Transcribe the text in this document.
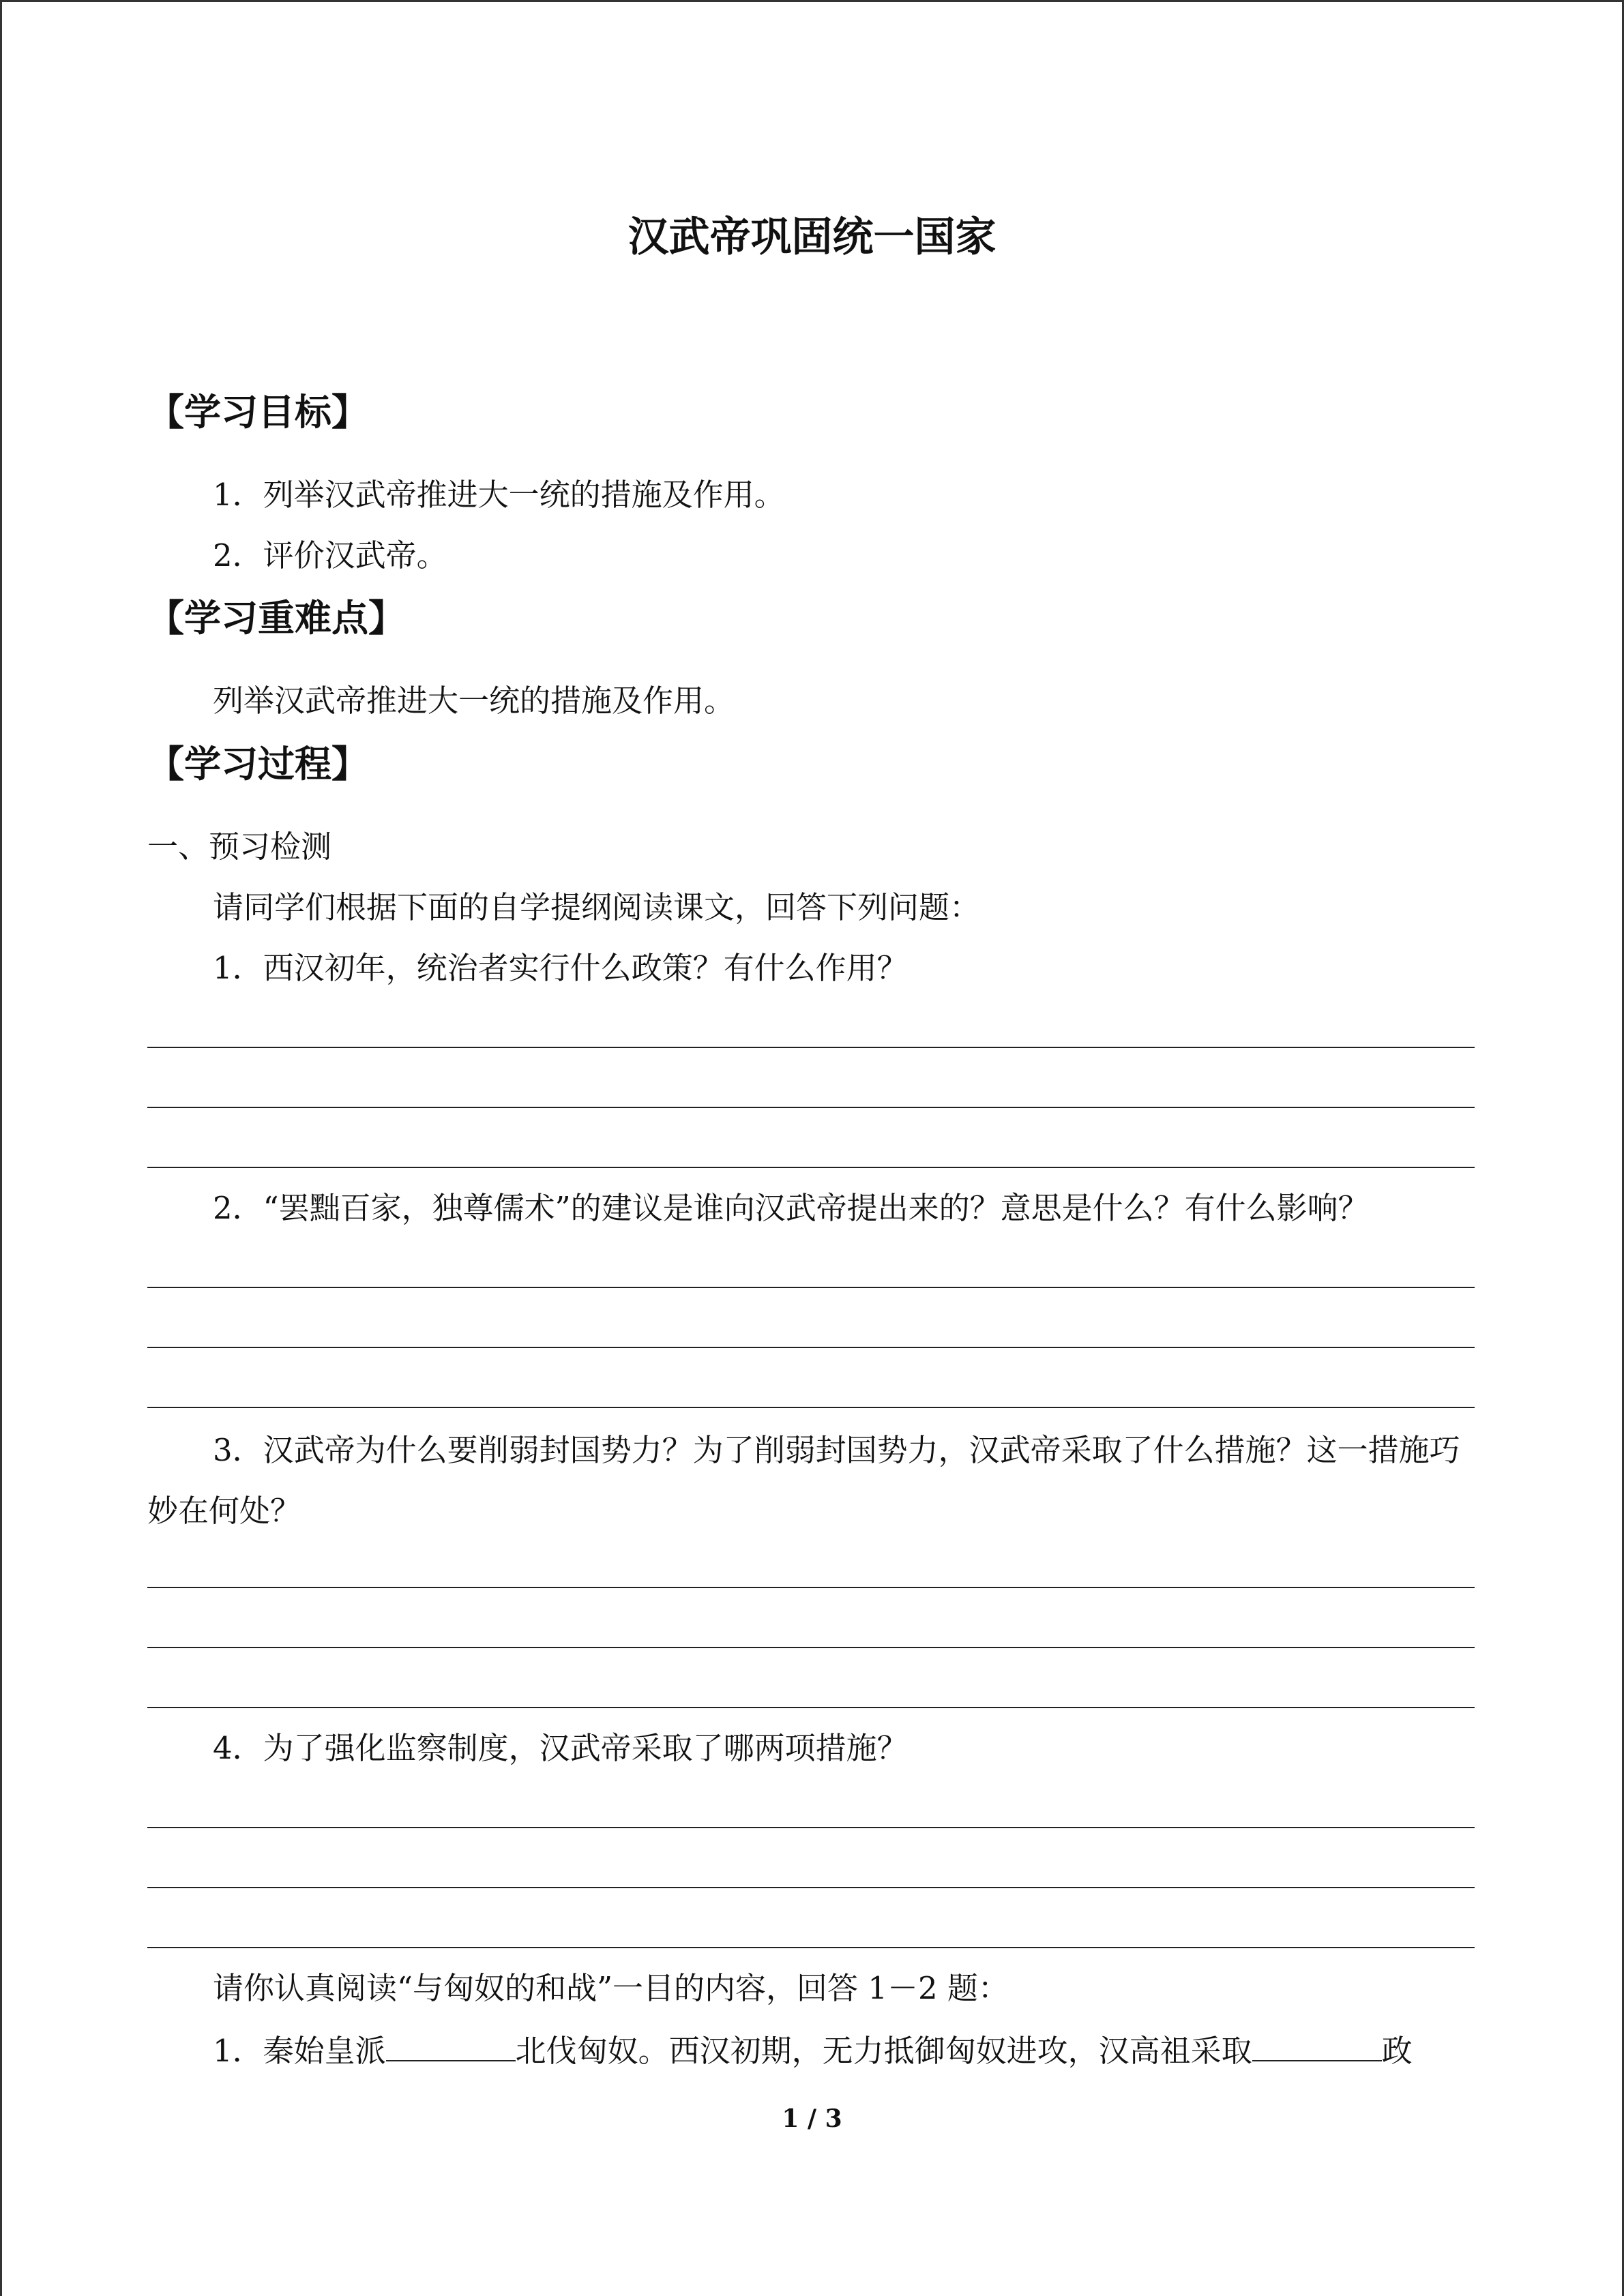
汉武帝巩固统一国家
【学习目标】
1．列举汉武帝推进大一统的措施及作用。
2．评价汉武帝。
【学习重难点】
列举汉武帝推进大一统的措施及作用。
【学习过程】
一、预习检测
请同学们根据下面的自学提纲阅读课文，回答下列问题：
1．西汉初年，统治者实行什么政策？有什么作用？
2．“罢黜百家，独尊儒术”的建议是谁向汉武帝提出来的？意思是什么？有什么影响？
3．汉武帝为什么要削弱封国势力？为了削弱封国势力，汉武帝采取了什么措施？这一措施巧妙在何处？
4．为了强化监察制度，汉武帝采取了哪两项措施？
请你认真阅读“与匈奴的和战”一目的内容，回答 1－2 题：
1．秦始皇派	北伐匈奴。西汉初期，无力抵御匈奴进攻，汉高祖采取	政
1 / 3
